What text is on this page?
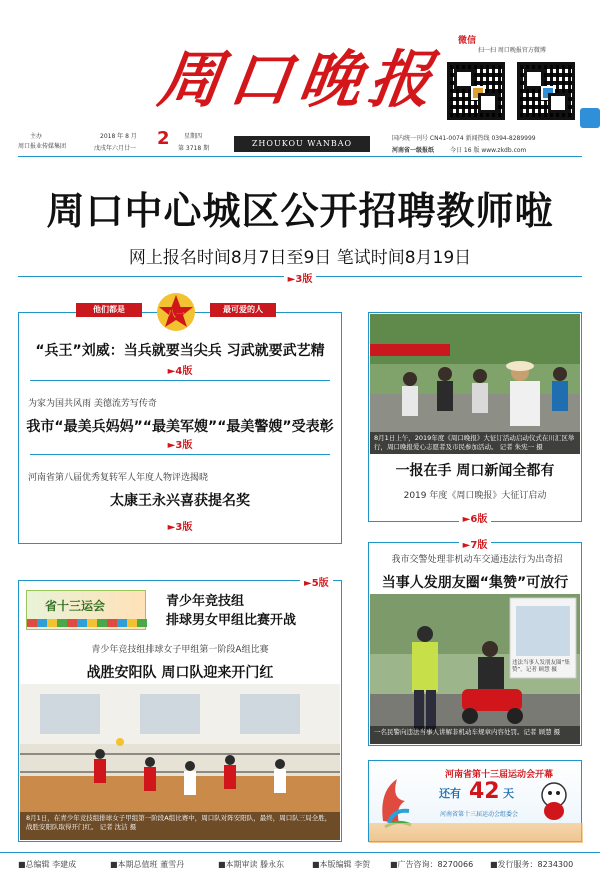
周口晚报
微信
扫一扫 周口晚报官方微博
主办
周口报业传媒集团
2018 年 8 月 2 星期四
戊戌年六月廿一	第 3718 期
ZHOUKOU WANBAO
国内统一刊号 CN41-0074 新闻热线 0394-8289999
河南省一级报纸	今日 16 版 www.zkdb.com
周口中心城区公开招聘教师啦
网上报名时间8月7日至9日 笔试时间8月19日
►3版
他们都是
八一
最可爱的人
“兵王”刘威：当兵就要当尖兵 习武就要武艺精
►4版
为家为国共风雨 美德流芳写传奇
我市“最美兵妈妈”“最美军嫂”“最美警嫂”受表彰
►3版
河南省第八届优秀复转军人年度人物评选揭晓
太康王永兴喜获提名奖
►3版
8月1日上午，2019年度《周口晚报》大征订活动启动仪式在川汇区举行，周口晚报爱心志愿者及市民参加活动。 记者 朱宪一 摄
一报在手 周口新闻全都有
2019 年度《周口晚报》大征订启动
►6版
►7版
我市交警处理非机动车交通违法行为出奇招
当事人发朋友圈“集赞”可放行
违法当事人发朋友圈“集赞”。记者 顾慧 摄
一名民警向违法当事人讲解非机动车规章内容处罚。记者 顾慧 摄
►5版
省十三运会	青少年竞技组
排球男女甲组比赛开战
青少年竞技组排球女子甲组第一阶段A组比赛
战胜安阳队 周口队迎来开门红
8月1日，在青少年竞技组排球女子甲组第一阶段A组比赛中，周口队对阵安阳队，最终，周口队三局全胜，战胜安阳队取得开门红。 记者 沈洁 摄
河南省第十三届运动会开幕
还有 42 天
河南省第十三届运动会组委会
■总编辑 李建成	■本期总值班 董雪丹	■本期审读 滕永东	■本版编辑 李贺 ■广告咨询：8270066 ■发行服务：8234300
